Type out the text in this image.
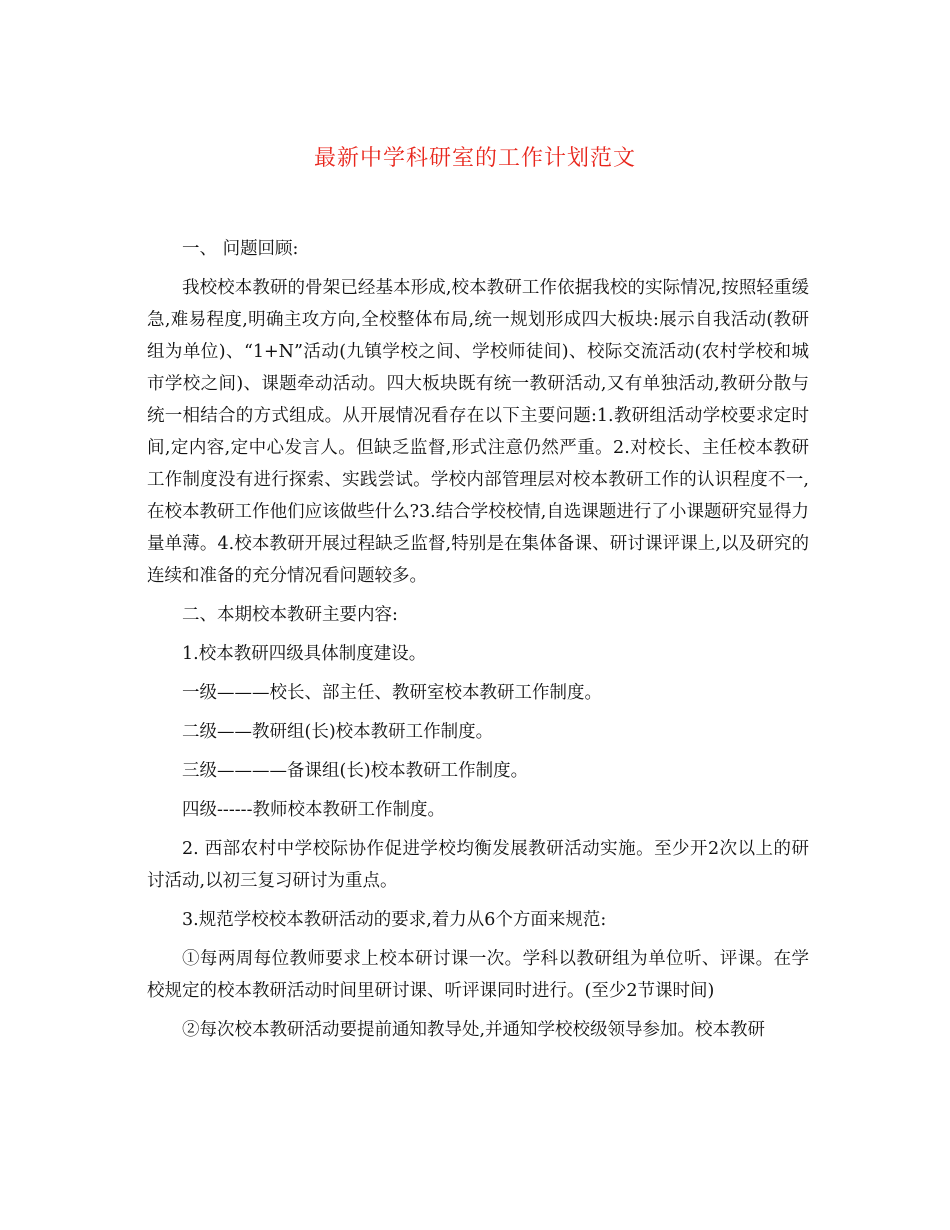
最新中学科研室的工作计划范文

一、 问题回顾:

我校校本教研的骨架已经基本形成,校本教研工作依据我校的实际情况,按照轻重缓急,难易程度,明确主攻方向,全校整体布局,统一规划形成四大板块:展示自我活动(教研组为单位)、“1+N”活动(九镇学校之间、学校师徒间)、校际交流活动(农村学校和城市学校之间)、课题牵动活动。四大板块既有统一教研活动,又有单独活动,教研分散与统一相结合的方式组成。从开展情况看存在以下主要问题:1.教研组活动学校要求定时间,定内容,定中心发言人。但缺乏监督,形式注意仍然严重。2.对校长、主任校本教研工作制度没有进行探索、实践尝试。学校内部管理层对校本教研工作的认识程度不一,在校本教研工作他们应该做些什么?3.结合学校校情,自选课题进行了小课题研究显得力量单薄。4.校本教研开展过程缺乏监督,特别是在集体备课、研讨课评课上,以及研究的连续和准备的充分情况看问题较多。

二、本期校本教研主要内容:

1.校本教研四级具体制度建设。

一级———校长、部主任、教研室校本教研工作制度。

二级——教研组(长)校本教研工作制度。

三级————备课组(长)校本教研工作制度。

四级------教师校本教研工作制度。

2. 西部农村中学校际协作促进学校均衡发展教研活动实施。至少开2次以上的研讨活动,以初三复习研讨为重点。

3.规范学校校本教研活动的要求,着力从6个方面来规范:

①每两周每位教师要求上校本研讨课一次。学科以教研组为单位听、评课。在学校规定的校本教研活动时间里研讨课、听评课同时进行。(至少2节课时间)

②每次校本教研活动要提前通知教导处,并通知学校校级领导参加。校本教研
